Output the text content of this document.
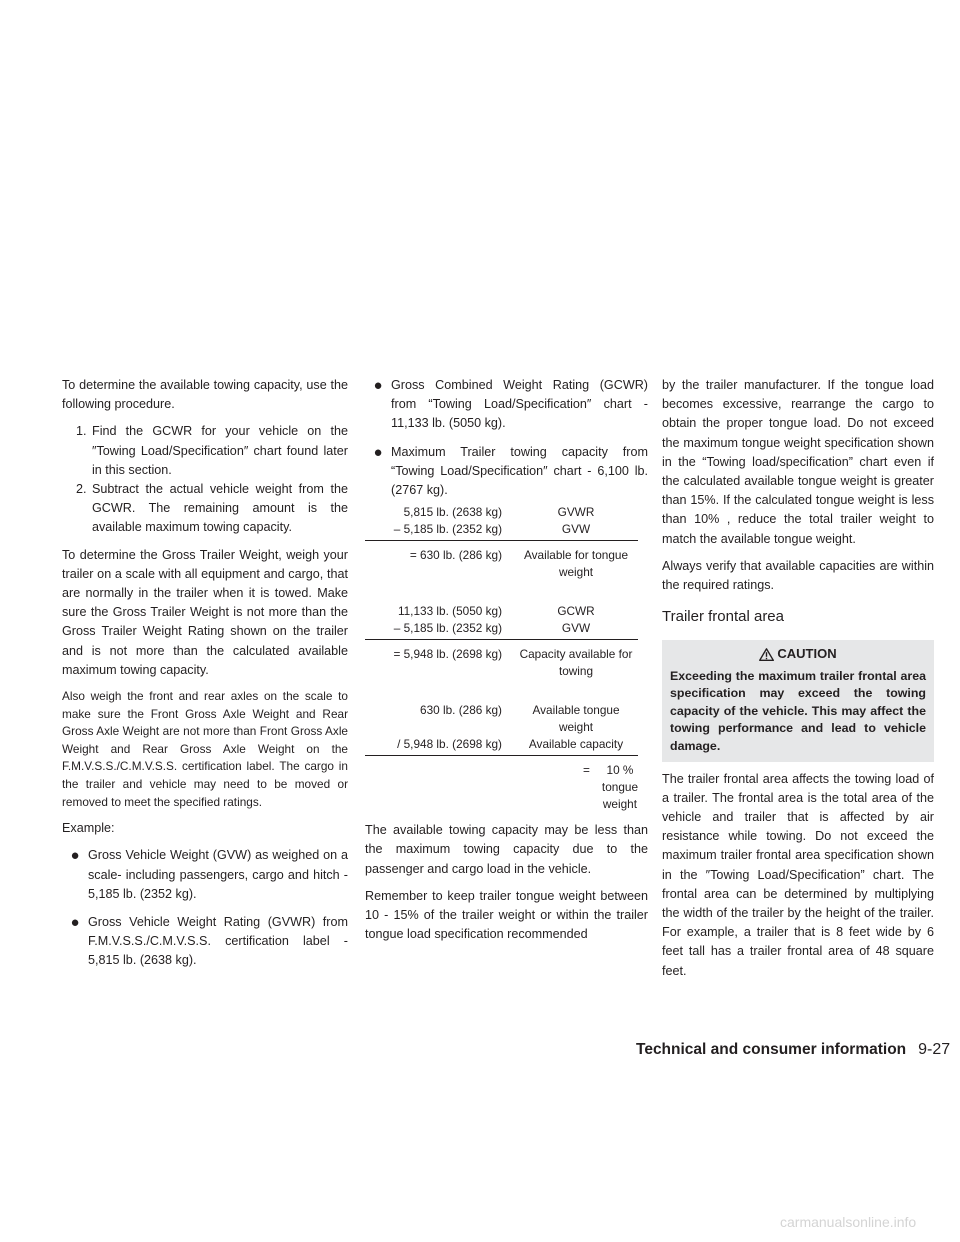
To determine the available towing capacity, use the following procedure.

1. Find the GCWR for your vehicle on the ″Towing Load/Specification″ chart found later in this section.
2. Subtract the actual vehicle weight from the GCWR. The remaining amount is the available maximum towing capacity.

To determine the Gross Trailer Weight, weigh your trailer on a scale with all equipment and cargo, that are normally in the trailer when it is towed. Make sure the Gross Trailer Weight is not more than the Gross Trailer Weight Rating shown on the trailer and is not more than the calculated available maximum towing capacity.

Also weigh the front and rear axles on the scale to make sure the Front Gross Axle Weight and Rear Gross Axle Weight are not more than Front Gross Axle Weight and Rear Gross Axle Weight on the F.M.V.S.S./C.M.V.S.S. certification label. The cargo in the trailer and vehicle may need to be moved or removed to meet the specified ratings.

Example:

● Gross Vehicle Weight (GVW) as weighed on a scale- including passengers, cargo and hitch - 5,185 lb. (2352 kg).
● Gross Vehicle Weight Rating (GVWR) from F.M.V.S.S./C.M.V.S.S. certification label - 5,815 lb. (2638 kg).
● Gross Combined Weight Rating (GCWR) from “Towing Load/Specification″ chart - 11,133 lb. (5050 kg).
● Maximum Trailer towing capacity from “Towing Load/Specification″ chart - 6,100 lb. (2767 kg).
5,815 lb. (2638 kg)	GVWR
– 5,185 lb. (2352 kg)	GVW
= 630 lb. (286 kg)	Available for tongue weight
11,133 lb. (5050 kg)	GCWR
– 5,185 lb. (2352 kg)	GVW
= 5,948 lb. (2698 kg)	Capacity available for towing
630 lb. (286 kg)	Available tongue weight
/ 5,948 lb. (2698 kg)	Available capacity
=	10 % tongue weight

The available towing capacity may be less than the maximum towing capacity due to the passenger and cargo load in the vehicle.

Remember to keep trailer tongue weight between 10 - 15% of the trailer weight or within the trailer tongue load specification recommended

by the trailer manufacturer. If the tongue load becomes excessive, rearrange the cargo to obtain the proper tongue load. Do not exceed the maximum tongue weight specification shown in the “Towing load/specification” chart even if the calculated available tongue weight is greater than 15%. If the calculated tongue weight is less than 10% , reduce the total trailer weight to match the available tongue weight.

Always verify that available capacities are within the required ratings.

Trailer frontal area
CAUTION
Exceeding the maximum trailer frontal area specification may exceed the towing capacity of the vehicle. This may affect the towing performance and lead to vehicle damage.

The trailer frontal area affects the towing load of a trailer. The frontal area is the total area of the vehicle and trailer that is affected by air resistance while towing. Do not exceed the maximum trailer frontal area specification shown in the ″Towing Load/Specification” chart. The frontal area can be determined by multiplying the width of the trailer by the height of the trailer. For example, a trailer that is 8 feet wide by 6 feet tall has a trailer frontal area of 48 square feet.

Technical and consumer information 9-27
carmanualsonline.info
